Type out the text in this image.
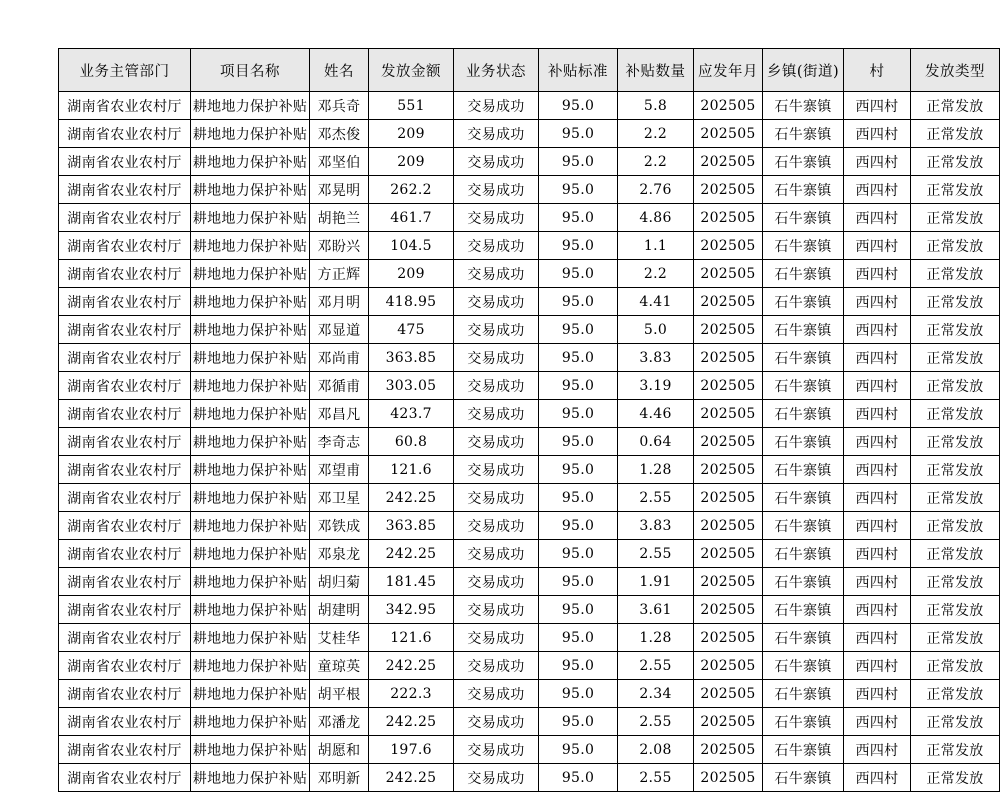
业务主管部门	项目名称	姓名	发放金额	业务状态	补贴标准	补贴数量	应发年月	乡镇(街道)	村	发放类型
湖南省农业农村厅	耕地地力保护补贴	邓兵奇	551	交易成功	95.0	5.8	202505	石牛寨镇	西四村	正常发放
湖南省农业农村厅	耕地地力保护补贴	邓杰俊	209	交易成功	95.0	2.2	202505	石牛寨镇	西四村	正常发放
湖南省农业农村厅	耕地地力保护补贴	邓坚伯	209	交易成功	95.0	2.2	202505	石牛寨镇	西四村	正常发放
湖南省农业农村厅	耕地地力保护补贴	邓晃明	262.2	交易成功	95.0	2.76	202505	石牛寨镇	西四村	正常发放
湖南省农业农村厅	耕地地力保护补贴	胡艳兰	461.7	交易成功	95.0	4.86	202505	石牛寨镇	西四村	正常发放
湖南省农业农村厅	耕地地力保护补贴	邓盼兴	104.5	交易成功	95.0	1.1	202505	石牛寨镇	西四村	正常发放
湖南省农业农村厅	耕地地力保护补贴	方正辉	209	交易成功	95.0	2.2	202505	石牛寨镇	西四村	正常发放
湖南省农业农村厅	耕地地力保护补贴	邓月明	418.95	交易成功	95.0	4.41	202505	石牛寨镇	西四村	正常发放
湖南省农业农村厅	耕地地力保护补贴	邓显道	475	交易成功	95.0	5.0	202505	石牛寨镇	西四村	正常发放
湖南省农业农村厅	耕地地力保护补贴	邓尚甫	363.85	交易成功	95.0	3.83	202505	石牛寨镇	西四村	正常发放
湖南省农业农村厅	耕地地力保护补贴	邓循甫	303.05	交易成功	95.0	3.19	202505	石牛寨镇	西四村	正常发放
湖南省农业农村厅	耕地地力保护补贴	邓昌凡	423.7	交易成功	95.0	4.46	202505	石牛寨镇	西四村	正常发放
湖南省农业农村厅	耕地地力保护补贴	李奇志	60.8	交易成功	95.0	0.64	202505	石牛寨镇	西四村	正常发放
湖南省农业农村厅	耕地地力保护补贴	邓望甫	121.6	交易成功	95.0	1.28	202505	石牛寨镇	西四村	正常发放
湖南省农业农村厅	耕地地力保护补贴	邓卫星	242.25	交易成功	95.0	2.55	202505	石牛寨镇	西四村	正常发放
湖南省农业农村厅	耕地地力保护补贴	邓铁成	363.85	交易成功	95.0	3.83	202505	石牛寨镇	西四村	正常发放
湖南省农业农村厅	耕地地力保护补贴	邓泉龙	242.25	交易成功	95.0	2.55	202505	石牛寨镇	西四村	正常发放
湖南省农业农村厅	耕地地力保护补贴	胡归菊	181.45	交易成功	95.0	1.91	202505	石牛寨镇	西四村	正常发放
湖南省农业农村厅	耕地地力保护补贴	胡建明	342.95	交易成功	95.0	3.61	202505	石牛寨镇	西四村	正常发放
湖南省农业农村厅	耕地地力保护补贴	艾桂华	121.6	交易成功	95.0	1.28	202505	石牛寨镇	西四村	正常发放
湖南省农业农村厅	耕地地力保护补贴	童琼英	242.25	交易成功	95.0	2.55	202505	石牛寨镇	西四村	正常发放
湖南省农业农村厅	耕地地力保护补贴	胡平根	222.3	交易成功	95.0	2.34	202505	石牛寨镇	西四村	正常发放
湖南省农业农村厅	耕地地力保护补贴	邓潘龙	242.25	交易成功	95.0	2.55	202505	石牛寨镇	西四村	正常发放
湖南省农业农村厅	耕地地力保护补贴	胡愿和	197.6	交易成功	95.0	2.08	202505	石牛寨镇	西四村	正常发放
湖南省农业农村厅	耕地地力保护补贴	邓明新	242.25	交易成功	95.0	2.55	202505	石牛寨镇	西四村	正常发放
